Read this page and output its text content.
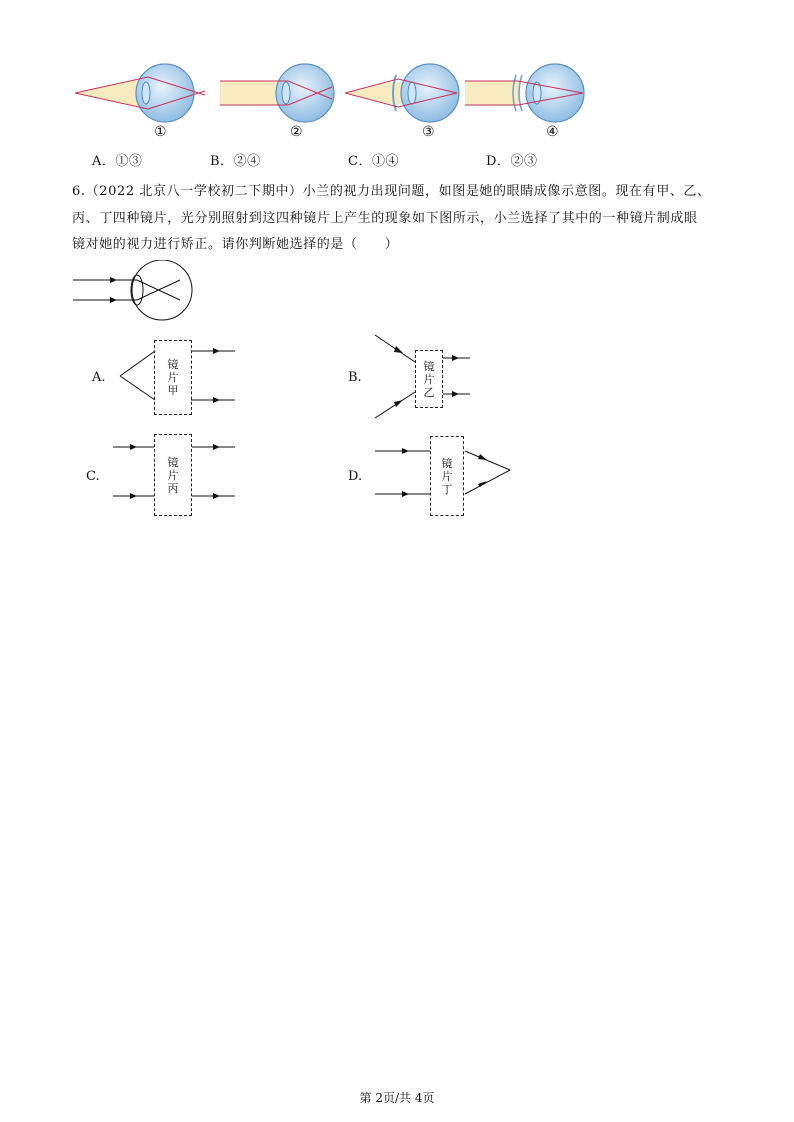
①	②	③	④
A．①③	B．②④	C．①④	D．②③
6.（2022 北京八一学校初二下期中）小兰的视力出现问题，如图是她的眼睛成像示意图。现在有甲、乙、
丙、丁四种镜片，光分别照射到这四种镜片上产生的现象如下图所示，小兰选择了其中的一种镜片制成眼
镜对她的视力进行矫正。请你判断她选择的是（　　）
A.
镜
片
甲
B.
镜
片
乙
C.
镜
片
丙
D.
镜
片
丁
第 2页/共 4页
